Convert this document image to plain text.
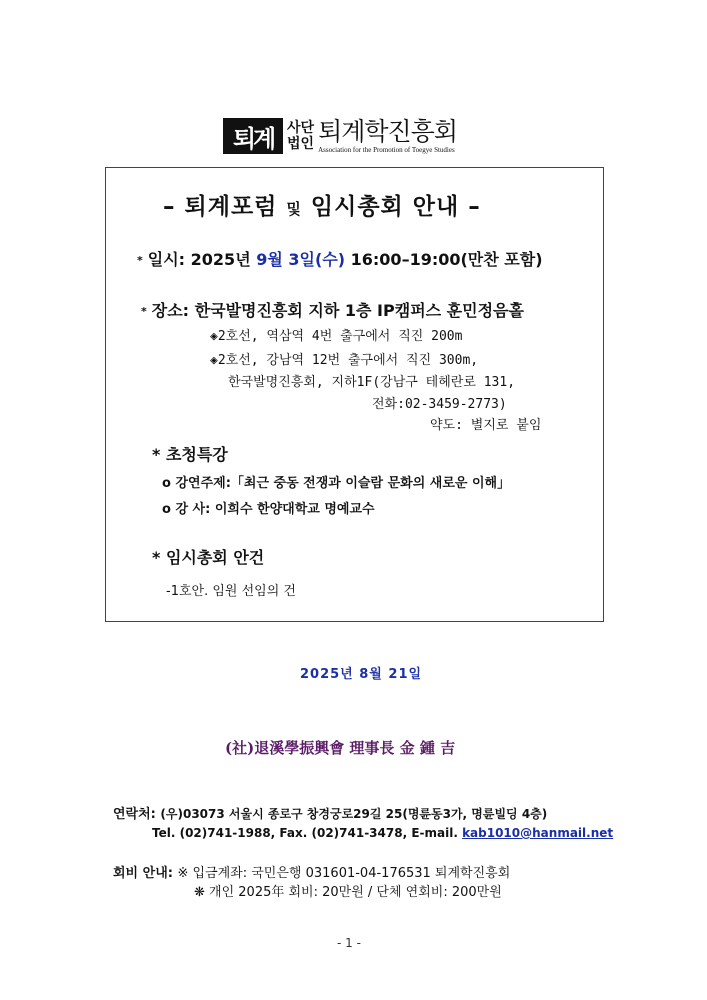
퇴계 사단
법인 퇴계학진흥회
Association for the Promotion of Toegye Studies
– 퇴계포럼 및 임시총회 안내 –
* 일시: 2025년 9월 3일(수) 16:00–19:00(만찬 포함)
* 장소: 한국발명진흥회 지하 1층 IP캠퍼스 훈민정음홀
◈2호선, 역삼역 4번 출구에서 직진 200m
◈2호선, 강남역 12번 출구에서 직진 300m,
한국발명진흥회, 지하1F(강남구 테헤란로 131,
전화:02-3459-2773)
약도: 별지로 붙임
* 초청특강
o 강연주제:「최근 중동 전쟁과 이슬람 문화의 새로운 이해」
o 강 사: 이희수 한양대학교 명예교수
* 임시총회 안건
-1호안. 임원 선임의 건
2025년 8월 21일
(社)退溪學振興會 理事長 金 鍾 吉
연락처: (우)03073 서울시 종로구 창경궁로29길 25(명륜동3가, 명륜빌딩 4층)
Tel. (02)741-1988, Fax. (02)741-3478, E-mail. kab1010@hanmail.net
회비 안내: ※ 입금계좌: 국민은행 031601-04-176531 퇴계학진흥회
❋ 개인 2025年 회비: 20만원 / 단체 연회비: 200만원
- 1 -
